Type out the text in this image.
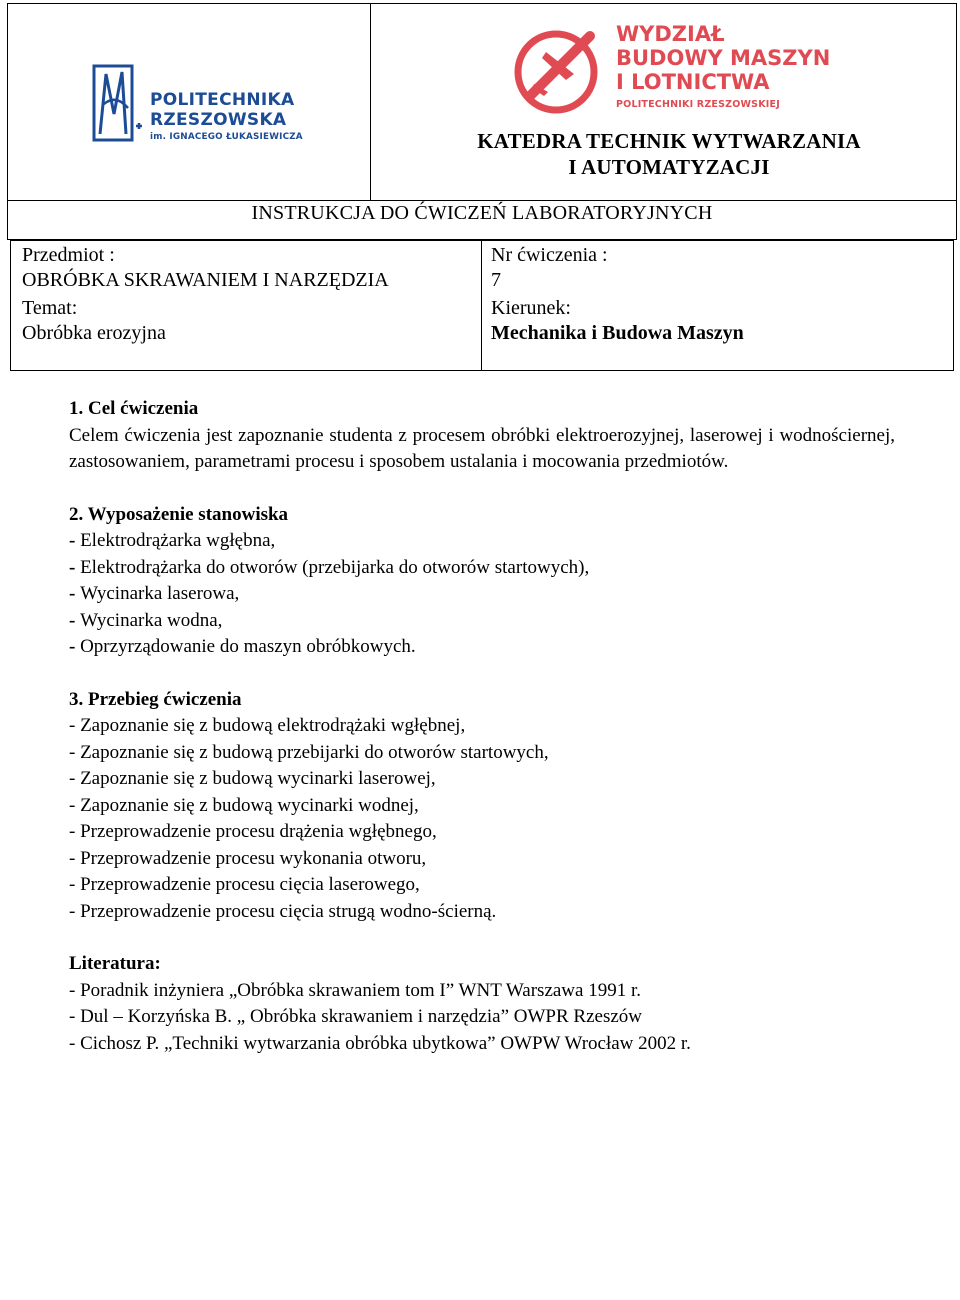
POLITECHNIKA
RZESZOWSKA
im. IGNACEGO ŁUKASIEWICZA
WYDZIAŁ
BUDOWY MASZYN
I LOTNICTWA
POLITECHNIKI RZESZOWSKIEJ
KATEDRA TECHNIK WYTWARZANIA
I AUTOMATYZACJI
INSTRUKCJA DO ĆWICZEŃ LABORATORYJNYCH
Przedmiot :
OBRÓBKA SKRAWANIEM I NARZĘDZIA
Temat:
Obróbka erozyjna
Nr ćwiczenia :
7
Kierunek:
Mechanika i Budowa Maszyn
1. Cel ćwiczenia
Celem ćwiczenia jest zapoznanie studenta z procesem obróbki elektroerozyjnej, laserowej i wodnościernej, zastosowaniem, parametrami procesu i sposobem ustalania i mocowania przedmiotów.
2. Wyposażenie stanowiska
- Elektrodrążarka wgłębna,
- Elektrodrążarka do otworów (przebijarka do otworów startowych),
- Wycinarka laserowa,
- Wycinarka wodna,
- Oprzyrządowanie do maszyn obróbkowych.
3. Przebieg ćwiczenia
- Zapoznanie się z budową elektrodrążaki wgłębnej,
- Zapoznanie się z budową przebijarki do otworów startowych,
- Zapoznanie się z budową wycinarki laserowej,
- Zapoznanie się z budową wycinarki wodnej,
- Przeprowadzenie procesu drążenia wgłębnego,
- Przeprowadzenie procesu wykonania otworu,
- Przeprowadzenie procesu cięcia laserowego,
- Przeprowadzenie procesu cięcia strugą wodno-ścierną.
Literatura:
- Poradnik inżyniera „Obróbka skrawaniem tom I” WNT Warszawa 1991 r.
- Dul – Korzyńska B. „ Obróbka skrawaniem i narzędzia” OWPR Rzeszów
- Cichosz P. „Techniki wytwarzania obróbka ubytkowa” OWPW Wrocław 2002 r.
